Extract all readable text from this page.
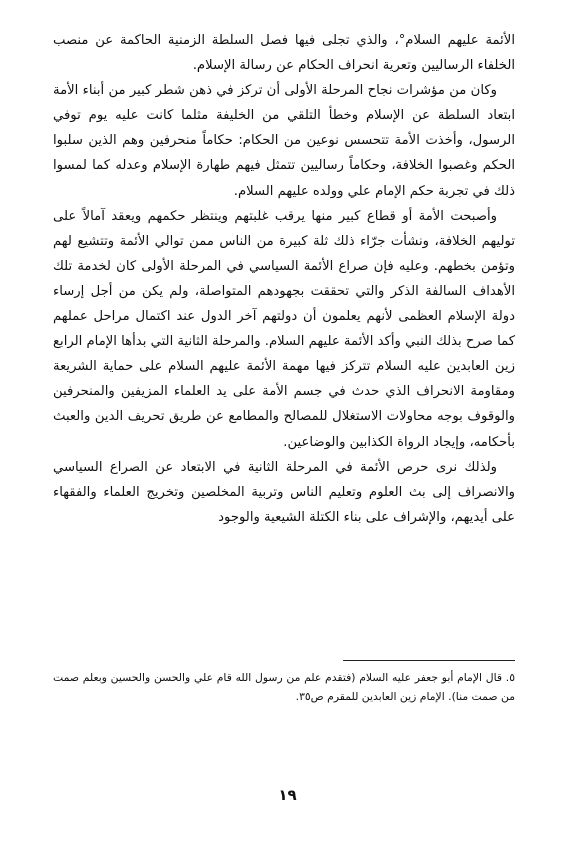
الأئمة عليهم السلام°، والذي تجلى فيها فصل السلطة الزمنية الحاكمة عن منصب الخلفاء الرساليين وتعرية انحراف الحكام عن رسالة الإسلام.

وكان من مؤشرات نجاح المرحلة الأولى أن تركز في ذهن شطر كبير من أبناء الأمة ابتعاد السلطة عن الإسلام وخطأ التلقي من الخليفة مثلما كانت عليه يوم توفي الرسول، وأخذت الأمة تتحسس نوعين من الحكام: حكاماً منحرفين وهم الذين سلبوا الحكم وغصبوا الخلافة، وحكاماً رساليين تتمثل فيهم طهارة الإسلام وعدله كما لمسوا ذلك في تجربة حكم الإمام علي وولده عليهم السلام.

وأصبحت الأمة أو قطاع كبير منها يرقب غلبتهم وينتظر حكمهم ويعقد آمالاً على توليهم الخلافة، ونشأت جرّاء ذلك ثلة كبيرة من الناس ممن توالي الأئمة وتتشيع لهم وتؤمن بخطهم. وعليه فإن صراع الأئمة السياسي في المرحلة الأولى كان لخدمة تلك الأهداف السالفة الذكر والتي تحققت بجهودهم المتواصلة، ولم يكن من أجل إرساء دولة الإسلام العظمى لأنهم يعلمون أن دولتهم آخر الدول عند اكتمال مراحل عملهم كما صرح بذلك النبي وأكد الأئمة عليهم السلام. والمرحلة الثانية التي بدأها الإمام الرابع زين العابدين عليه السلام تتركز فيها مهمة الأئمة عليهم السلام على حماية الشريعة ومقاومة الانحراف الذي حدث في جسم الأمة على يد العلماء المزيفين والمنحرفين والوقوف بوجه محاولات الاستغلال للمصالح والمطامع عن طريق تحريف الدين والعبث بأحكامه، وإيجاد الرواة الكذابين والوضاعين.

ولذلك نرى حرص الأئمة في المرحلة الثانية في الابتعاد عن الصراع السياسي والانصراف إلى بث العلوم وتعليم الناس وتربية المخلصين وتخريج العلماء والفقهاء على أيديهم، والإشراف على بناء الكتلة الشيعية والوجود

٥. قال الإمام أبو جعفر عليه السلام (فتقدم علم من رسول الله قام علي والحسن والحسين وبعلم صمت من صمت منا). الإمام زين العابدين للمقرم ص٣٥.

١٩
